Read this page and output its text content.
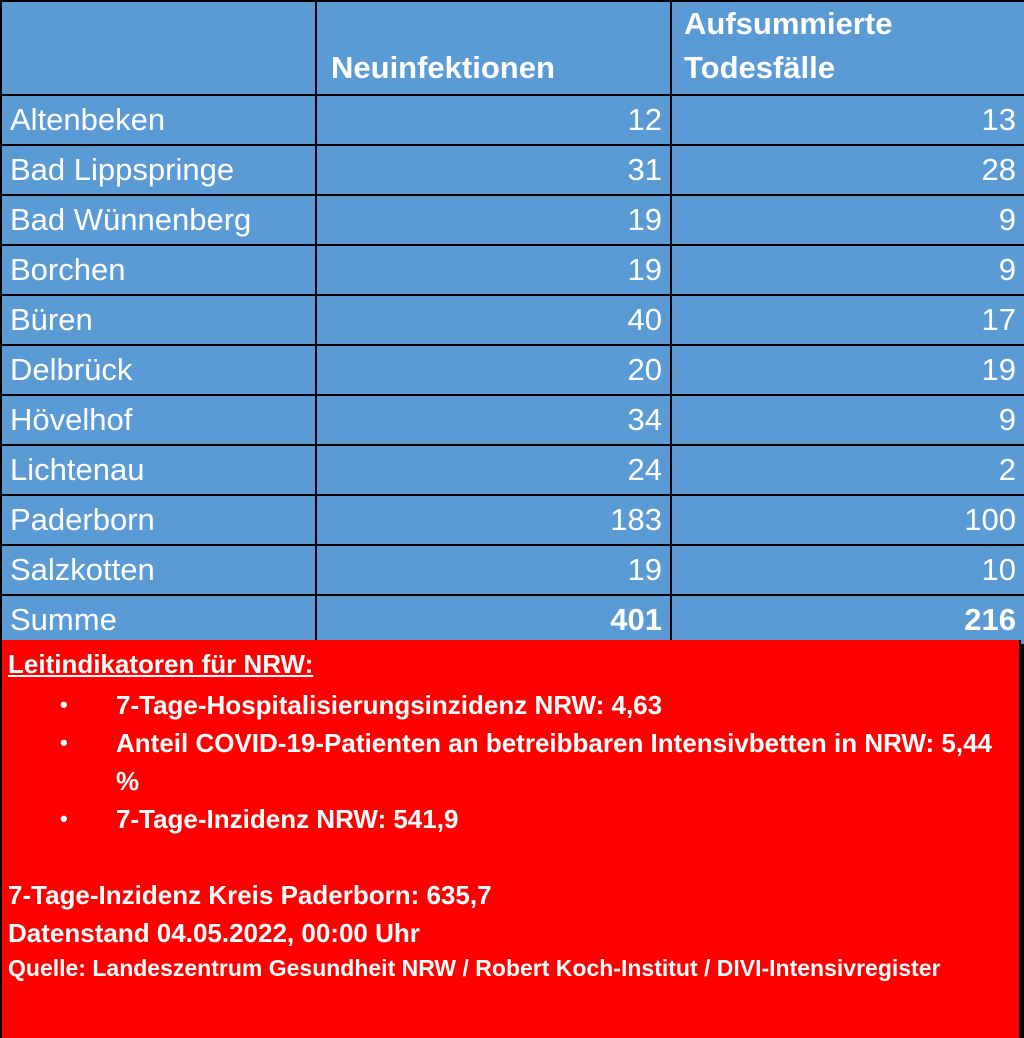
	Neuinfektionen	Aufsummierte Todesfälle
Altenbeken	12	13
Bad Lippspringe	31	28
Bad Wünnenberg	19	9
Borchen	19	9
Büren	40	17
Delbrück	20	19
Hövelhof	34	9
Lichtenau	24	2
Paderborn	183	100
Salzkotten	19	10
Summe	401	216

Leitindikatoren für NRW:

• 7-Tage-Hospitalisierungsinzidenz NRW: 4,63
• Anteil COVID-19-Patienten an betreibbaren Intensivbetten in NRW: 5,44 %
• 7-Tage-Inzidenz NRW: 541,9

7-Tage-Inzidenz Kreis Paderborn: 635,7

Datenstand 04.05.2022, 00:00 Uhr

Quelle: Landeszentrum Gesundheit NRW / Robert Koch-Institut / DIVI-Intensivregister
